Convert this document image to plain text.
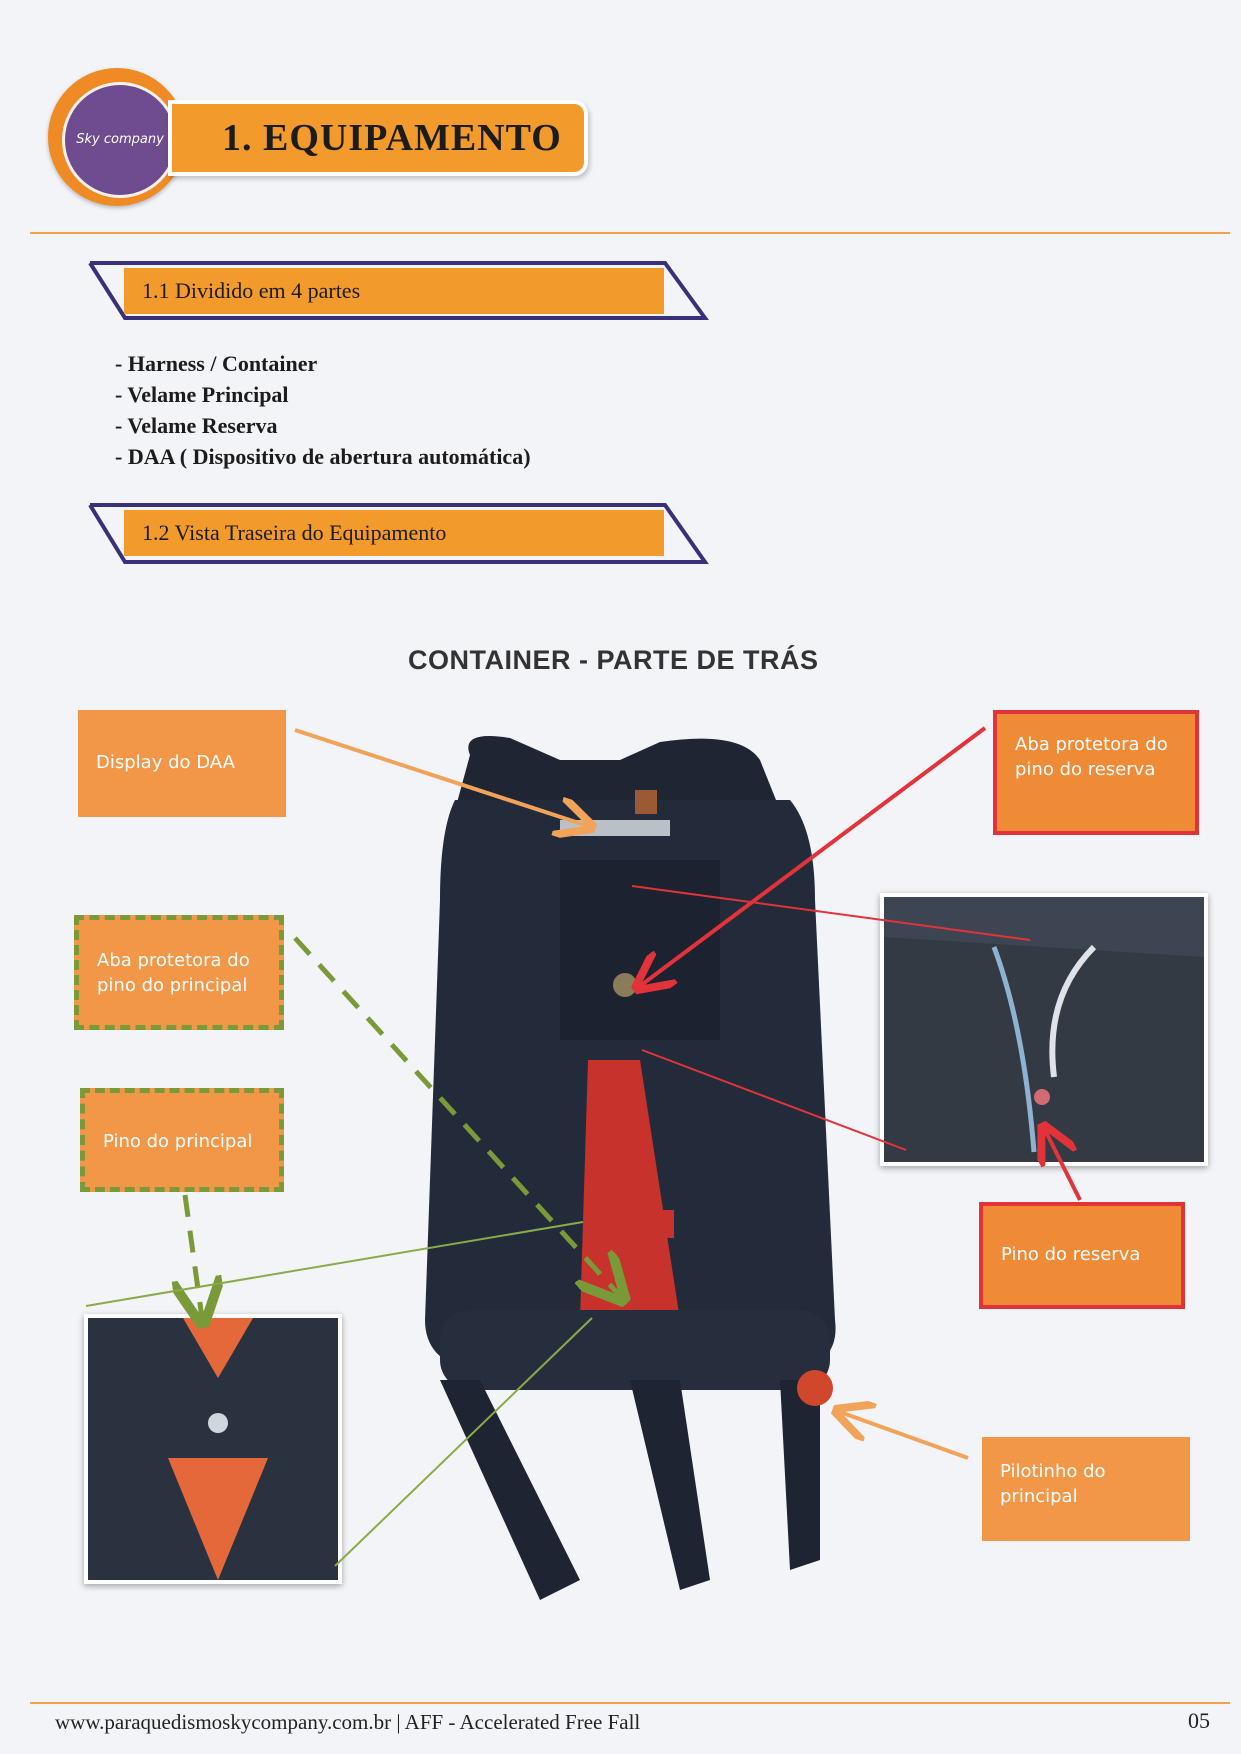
Sky company	1. EQUIPAMENTO
1.1 Dividido em 4 partes
- Harness / Container
- Velame Principal
- Velame Reserva
- DAA ( Dispositivo de abertura automática)
1.2 Vista Traseira do Equipamento
CONTAINER - PARTE DE TRÁS
Display do DAA
Aba protetora do pino do principal
Pino do principal
Aba protetora do pino do reserva
Pino do reserva
Pilotinho do principal
www.paraquedismoskycompany.com.br | AFF - Accelerated Free Fall	05
